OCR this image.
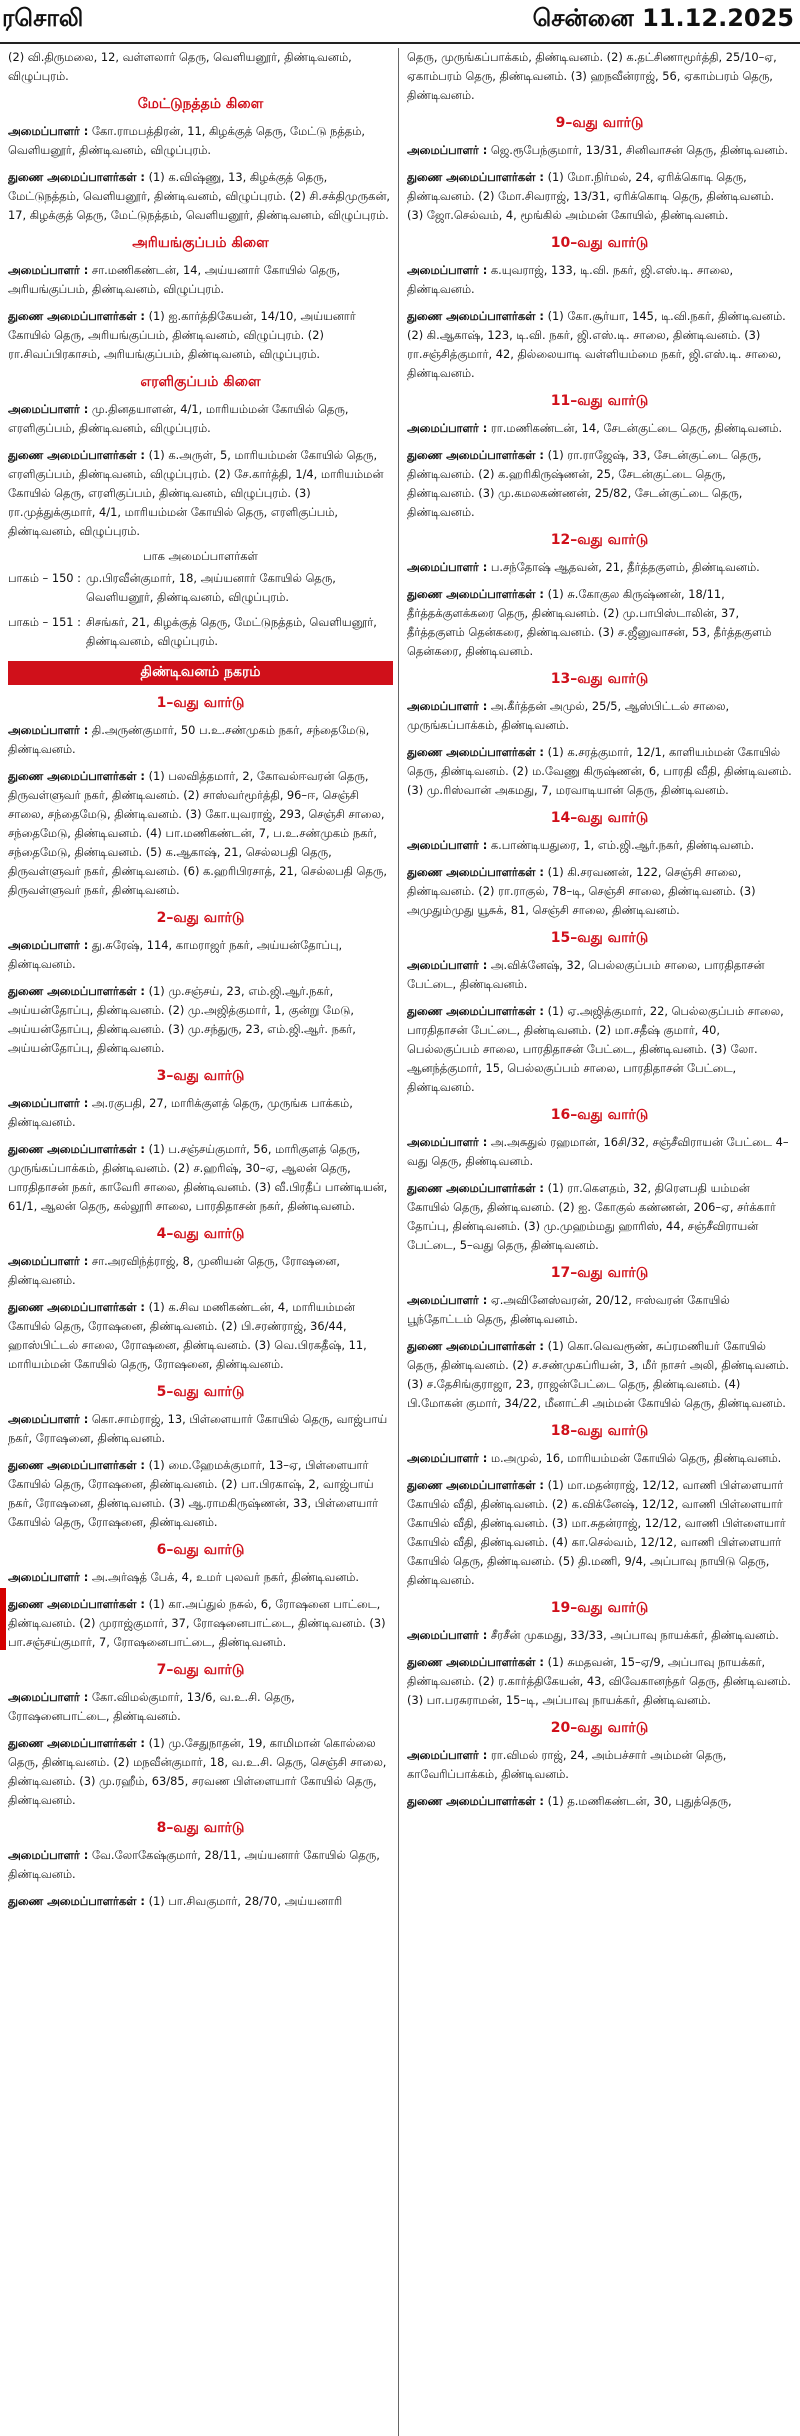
ரசொலி	சென்னை 11.12.2025

(2) வி.திருமலை, 12, வள்ளலார் தெரு, வெளியனூர், திண்டிவனம், விழுப்புரம்.

மேட்டுநத்தம் கிளை

அமைப்பாளர் : கோ.ராமபத்திரன், 11, கிழக்குத் தெரு, மேட்டு நத்தம், வெளியனூர், திண்டிவனம், விழுப்புரம்.

துணை அமைப்பாளர்கள் : (1) க.விஷ்ணு, 13, கிழக்குத் தெரு, மேட்டுநத்தம், வெளியனூர், திண்டிவனம், விழுப்புரம். (2) சி.சக்திமுருகன், 17, கிழக்குத் தெரு, மேட்டுநத்தம், வெளியனூர், திண்டிவனம், விழுப்புரம்.

அரியங்குப்பம் கிளை

அமைப்பாளர் : சா.மணிகண்டன், 14, அய்யனார் கோயில் தெரு, அரியங்குப்பம், திண்டிவனம், விழுப்புரம்.

துணை அமைப்பாளர்கள் : (1) ஐ.கார்த்திகேயன், 14/10, அய்யனார் கோயில் தெரு, அரியங்குப்பம், திண்டிவனம், விழுப்புரம். (2) ரா.சிவப்பிரகாசம், அரியங்குப்பம், திண்டிவனம், விழுப்புரம்.

எரளிகுப்பம் கிளை

அமைப்பாளர் : மு.தினதயாளன், 4/1, மாரியம்மன் கோயில் தெரு, எரளிகுப்பம், திண்டிவனம், விழுப்புரம்.

துணை அமைப்பாளர்கள் : (1) க.அருள், 5, மாரியம்மன் கோயில் தெரு, எரளிகுப்பம், திண்டிவனம், விழுப்புரம். (2) சே.கார்த்தி, 1/4, மாரியம்மன் கோயில் தெரு, எரளிகுப்பம், திண்டிவனம், விழுப்புரம். (3) ரா.முத்துக்குமார், 4/1, மாரியம்மன் கோயில் தெரு, எரளிகுப்பம், திண்டிவனம், விழுப்புரம்.

பாக அமைப்பாளர்கள்
பாகம் – 150 : மு.பிரவீன்குமார், 18, அய்யனார் கோயில் தெரு, வெளியனூர், திண்டிவனம், விழுப்புரம்.
பாகம் – 151 : சிசங்கர், 21, கிழக்குத் தெரு, மேட்டுநத்தம், வெளியனூர், திண்டிவனம், விழுப்புரம்.
திண்டிவனம் நகரம்
1–வது வார்டு

அமைப்பாளர் : தி.அருண்குமார், 50 ப.உ.சண்முகம் நகர், சந்தைமேடு, திண்டிவனம்.

துணை அமைப்பாளர்கள் : (1) பலவித்தமார், 2, கோவல்ஈவரன் தெரு, திருவள்ளுவர் நகர், திண்டிவனம். (2) சாஸ்வர்மூர்த்தி, 96–ஈ, செஞ்சி சாலை, சந்தைமேடு, திண்டிவனம். (3) கோ.யுவராஜ், 293, செஞ்சி சாலை, சந்தைமேடு, திண்டிவனம். (4) பா.மணிகண்டன், 7, ப.உ.சண்முகம் நகர், சந்தைமேடு, திண்டிவனம். (5) க.ஆகாஷ், 21, செல்லபதி தெரு, திருவள்ளுவர் நகர், திண்டிவனம். (6) க.ஹரிபிரசாத், 21, செல்லபதி தெரு, திருவள்ளுவர் நகர், திண்டிவனம்.

2–வது வார்டு

அமைப்பாளர் : து.சுரேஷ், 114, காமராஜர் நகர், அய்யன்தோப்பு, திண்டிவனம்.

துணை அமைப்பாளர்கள் : (1) மு.சஞ்சய், 23, எம்.ஜி.ஆர்.நகர், அய்யன்தோப்பு, திண்டிவனம். (2) மு.அஜித்குமார், 1, குன்று மேடு, அய்யன்தோப்பு, திண்டிவனம். (3) மு.சந்துரு, 23, எம்.ஜி.ஆர். நகர், அய்யன்தோப்பு, திண்டிவனம்.

3–வது வார்டு

அமைப்பாளர் : அ.ரகுபதி, 27, மாரிக்குளத் தெரு, முருங்க பாக்கம், திண்டிவனம்.

துணை அமைப்பாளர்கள் : (1) ப.சஞ்சய்குமார், 56, மாரிகுளத் தெரு, முருங்கப்பாக்கம், திண்டிவனம். (2) ச.ஹரிஷ், 30–ஏ, ஆலன் தெரு, பாரதிதாசன் நகர், காவேரி சாலை, திண்டிவனம். (3) வீ.பிரதீப் பாண்டியன், 61/1, ஆலன் தெரு, கல்லூரி சாலை, பாரதிதாசன் நகர், திண்டிவனம்.

4–வது வார்டு

அமைப்பாளர் : சா.அரவிந்த்ராஜ், 8, முனியன் தெரு, ரோஷனை, திண்டிவனம்.

துணை அமைப்பாளர்கள் : (1) க.சிவ மணிகண்டன், 4, மாரியம்மன் கோயில் தெரு, ரோஷனை, திண்டிவனம். (2) பி.சரண்ராஜ், 36/44, ஹாஸ்பிட்டல் சாலை, ரோஷனை, திண்டிவனம். (3) வெ.பிரகதீஷ், 11, மாரியம்மன் கோயில் தெரு, ரோஷனை, திண்டிவனம்.

5–வது வார்டு

அமைப்பாளர் : கொ.சாம்ராஜ், 13, பிள்ளையார் கோயில் தெரு, வாஜ்பாய் நகர், ரோஷனை, திண்டிவனம்.

துணை அமைப்பாளர்கள் : (1) மை.ஹேமக்குமார், 13–ஏ, பிள்ளையார் கோயில் தெரு, ரோஷனை, திண்டிவனம். (2) பா.பிரகாஷ், 2, வாஜ்பாய் நகர், ரோஷனை, திண்டிவனம். (3) ஆ.ராமகிருஷ்ணன், 33, பிள்ளையார் கோயில் தெரு, ரோஷனை, திண்டிவனம்.

6–வது வார்டு

அமைப்பாளர் : அ.அர்ஷத் பேக், 4, உமர் புலவர் நகர், திண்டிவனம்.

துணை அமைப்பாளர்கள் : (1) கா.அப்துல் நசுல், 6, ரோஷனை பாட்டை, திண்டிவனம். (2) முராஜ்குமார், 37, ரோஷனைபாட்டை, திண்டிவனம். (3) பா.சஞ்சய்குமார், 7, ரோஷனைபாட்டை, திண்டிவனம்.

7–வது வார்டு

அமைப்பாளர் : கோ.விமல்குமார், 13/6, வ.உ.சி. தெரு, ரோஷனைபாட்டை, திண்டிவனம்.

துணை அமைப்பாளர்கள் : (1) மு.சேதுநாதன், 19, காமிமான் கொல்லை தெரு, திண்டிவனம். (2) மநவீன்குமார், 18, வ.உ.சி. தெரு, செஞ்சி சாலை, திண்டிவனம். (3) மு.ரஹீம், 63/85, சரவண பிள்ளையார் கோயில் தெரு, திண்டிவனம்.

8–வது வார்டு

அமைப்பாளர் : வே.லோகேஷ்குமார், 28/11, அய்யனார் கோயில் தெரு, திண்டிவனம்.

துணை அமைப்பாளர்கள் : (1) பா.சிவகுமார், 28/70, அய்யனாரி

தெரு, முருங்கப்பாக்கம், திண்டிவனம். (2) க.தட்சிணாமூர்த்தி, 25/10–ஏ, ஏகாம்பரம் தெரு, திண்டிவனம். (3) ஹநவீன்ராஜ், 56, ஏகாம்பரம் தெரு, திண்டிவனம்.

9–வது வார்டு

அமைப்பாளர் : ஜெ.ரூபேந்குமார், 13/31, சினிவாசன் தெரு, திண்டிவனம்.

துணை அமைப்பாளர்கள் : (1) மோ.நிர்மல், 24, ஏரிக்கொடி தெரு, திண்டிவனம். (2) மோ.சிவராஜ், 13/31, ஏரிக்கொடி தெரு, திண்டிவனம். (3) ஜோ.செல்வம், 4, மூங்கில் அம்மன் கோயில், திண்டிவனம்.

10–வது வார்டு

அமைப்பாளர் : க.யுவராஜ், 133, டி.வி. நகர், ஜி.எஸ்.டி. சாலை, திண்டிவனம்.

துணை அமைப்பாளர்கள் : (1) கோ.சூர்யா, 145, டி.வி.நகர், திண்டிவனம். (2) கி.ஆகாஷ், 123, டி.வி. நகர், ஜி.எஸ்.டி. சாலை, திண்டிவனம். (3) ரா.சஞ்சித்குமார், 42, தில்லையாடி வள்ளியம்மை நகர், ஜி.எஸ்.டி. சாலை, திண்டிவனம்.

11–வது வார்டு

அமைப்பாளர் : ரா.மணிகண்டன், 14, சேடன்குட்டை தெரு, திண்டிவனம்.

துணை அமைப்பாளர்கள் : (1) ரா.ராஜேஷ், 33, சேடன்குட்டை தெரு, திண்டிவனம். (2) க.ஹரிகிருஷ்ணன், 25, சேடன்குட்டை தெரு, திண்டிவனம். (3) மு.கமலகண்ணன், 25/82, சேடன்குட்டை தெரு, திண்டிவனம்.

12–வது வார்டு

அமைப்பாளர் : ப.சந்தோஷ் ஆதவன், 21, தீர்த்தகுளம், திண்டிவனம்.

துணை அமைப்பாளர்கள் : (1) சு.கோகுல கிருஷ்ணன், 18/11, தீர்த்தக்குளக்கரை தெரு, திண்டிவனம். (2) மு.பாபிஸ்டாலின், 37, தீர்த்தகுளம் தென்கரை, திண்டிவனம். (3) ச.ஜீனுவாசன், 53, தீர்த்தகுளம் தென்கரை, திண்டிவனம்.

13–வது வார்டு

அமைப்பாளர் : அ.கீர்த்தன் அமுல், 25/5, ஆஸ்பிட்டல் சாலை, முருங்கப்பாக்கம், திண்டிவனம்.

துணை அமைப்பாளர்கள் : (1) க.சரத்குமார், 12/1, காளியம்மன் கோயில் தெரு, திண்டிவனம். (2) ம.வேணு கிருஷ்ணன், 6, பாரதி வீதி, திண்டிவனம். (3) மு.ரிஸ்வான் அகமது, 7, மரவாடியான் தெரு, திண்டிவனம்.

14–வது வார்டு

அமைப்பாளர் : க.பாண்டியதுரை, 1, எம்.ஜி.ஆர்.நகர், திண்டிவனம்.

துணை அமைப்பாளர்கள் : (1) கி.சரவணன், 122, செஞ்சி சாலை, திண்டிவனம். (2) ரா.ராகுல், 78–டி, செஞ்சி சாலை, திண்டிவனம். (3) அமுதும்முது யூசுக், 81, செஞ்சி சாலை, திண்டிவனம்.

15–வது வார்டு

அமைப்பாளர் : அ.விக்னேஷ், 32, பெல்லகுப்பம் சாலை, பாரதிதாசன் பேட்டை, திண்டிவனம்.

துணை அமைப்பாளர்கள் : (1) ஏ.அஜித்குமார், 22, பெல்லகுப்பம் சாலை, பாரதிதாசன் பேட்டை, திண்டிவனம். (2) மா.சதீஷ் குமார், 40, பெல்லகுப்பம் சாலை, பாரதிதாசன் பேட்டை, திண்டிவனம். (3) லோ. ஆனந்த்குமார், 15, பெல்லகுப்பம் சாலை, பாரதிதாசன் பேட்டை, திண்டிவனம்.

16–வது வார்டு

அமைப்பாளர் : அ.அசுதுல் ரஹமான், 16சி/32, சஞ்சீவிராயன் பேட்டை 4–வது தெரு, திண்டிவனம்.

துணை அமைப்பாளர்கள் : (1) ரா.கௌதம், 32, திரௌபதி யம்மன் கோயில் தெரு, திண்டிவனம். (2) ஐ. கோகுல் கண்ணன், 206–ஏ, சர்க்கார் தோப்பு, திண்டிவனம். (3) மு.முஹம்மது ஹாரிஸ், 44, சஞ்சீவிராயன் பேட்டை, 5–வது தெரு, திண்டிவனம்.

17–வது வார்டு

அமைப்பாளர் : ஏ.அவினேஸ்வரன், 20/12, ஈஸ்வரன் கோயில் பூந்தோட்டம் தெரு, திண்டிவனம்.

துணை அமைப்பாளர்கள் : (1) கொ.வெவரூண், சுப்ரமணியர் கோயில் தெரு, திண்டிவனம். (2) ச.சண்முகப்ரியன், 3, மீர் நாசர் அலி, திண்டிவனம். (3) ச.தேசிங்குராஜா, 23, ராஜன்பேட்டை தெரு, திண்டிவனம். (4) பி.மோகன் குமார், 34/22, மீனாட்சி அம்மன் கோயில் தெரு, திண்டிவனம்.

18–வது வார்டு

அமைப்பாளர் : ம.அமுல், 16, மாரியம்மன் கோயில் தெரு, திண்டிவனம்.

துணை அமைப்பாளர்கள் : (1) மா.மதன்ராஜ், 12/12, வாணி பிள்ளையார் கோயில் வீதி, திண்டிவனம். (2) க.விக்னேஷ், 12/12, வாணி பிள்ளையார் கோயில் வீதி, திண்டிவனம். (3) மா.சுதன்ராஜ், 12/12, வாணி பிள்ளையார் கோயில் வீதி, திண்டிவனம். (4) கா.செல்வம், 12/12, வாணி பிள்ளையார் கோயில் தெரு, திண்டிவனம். (5) தி.மணி, 9/4, அப்பாவு நாயிடு தெரு, திண்டிவனம்.

19–வது வார்டு

அமைப்பாளர் : சீரசீன் முகமது, 33/33, அப்பாவு நாயக்கர், திண்டிவனம்.

துணை அமைப்பாளர்கள் : (1) சுமதவன், 15–ஏ/9, அப்பாவு நாயக்கர், திண்டிவனம். (2) ர.கார்த்திகேயன், 43, விவேகானந்தர் தெரு, திண்டிவனம். (3) பா.பரசுராமன், 15–டி, அப்பாவு நாயக்கர், திண்டிவனம்.

20–வது வார்டு

அமைப்பாளர் : ரா.விமல் ராஜ், 24, அம்பச்சார் அம்மன் தெரு, காவேரிப்பாக்கம், திண்டிவனம்.

துணை அமைப்பாளர்கள் : (1) த.மணிகண்டன், 30, புதுத்தெரு,
